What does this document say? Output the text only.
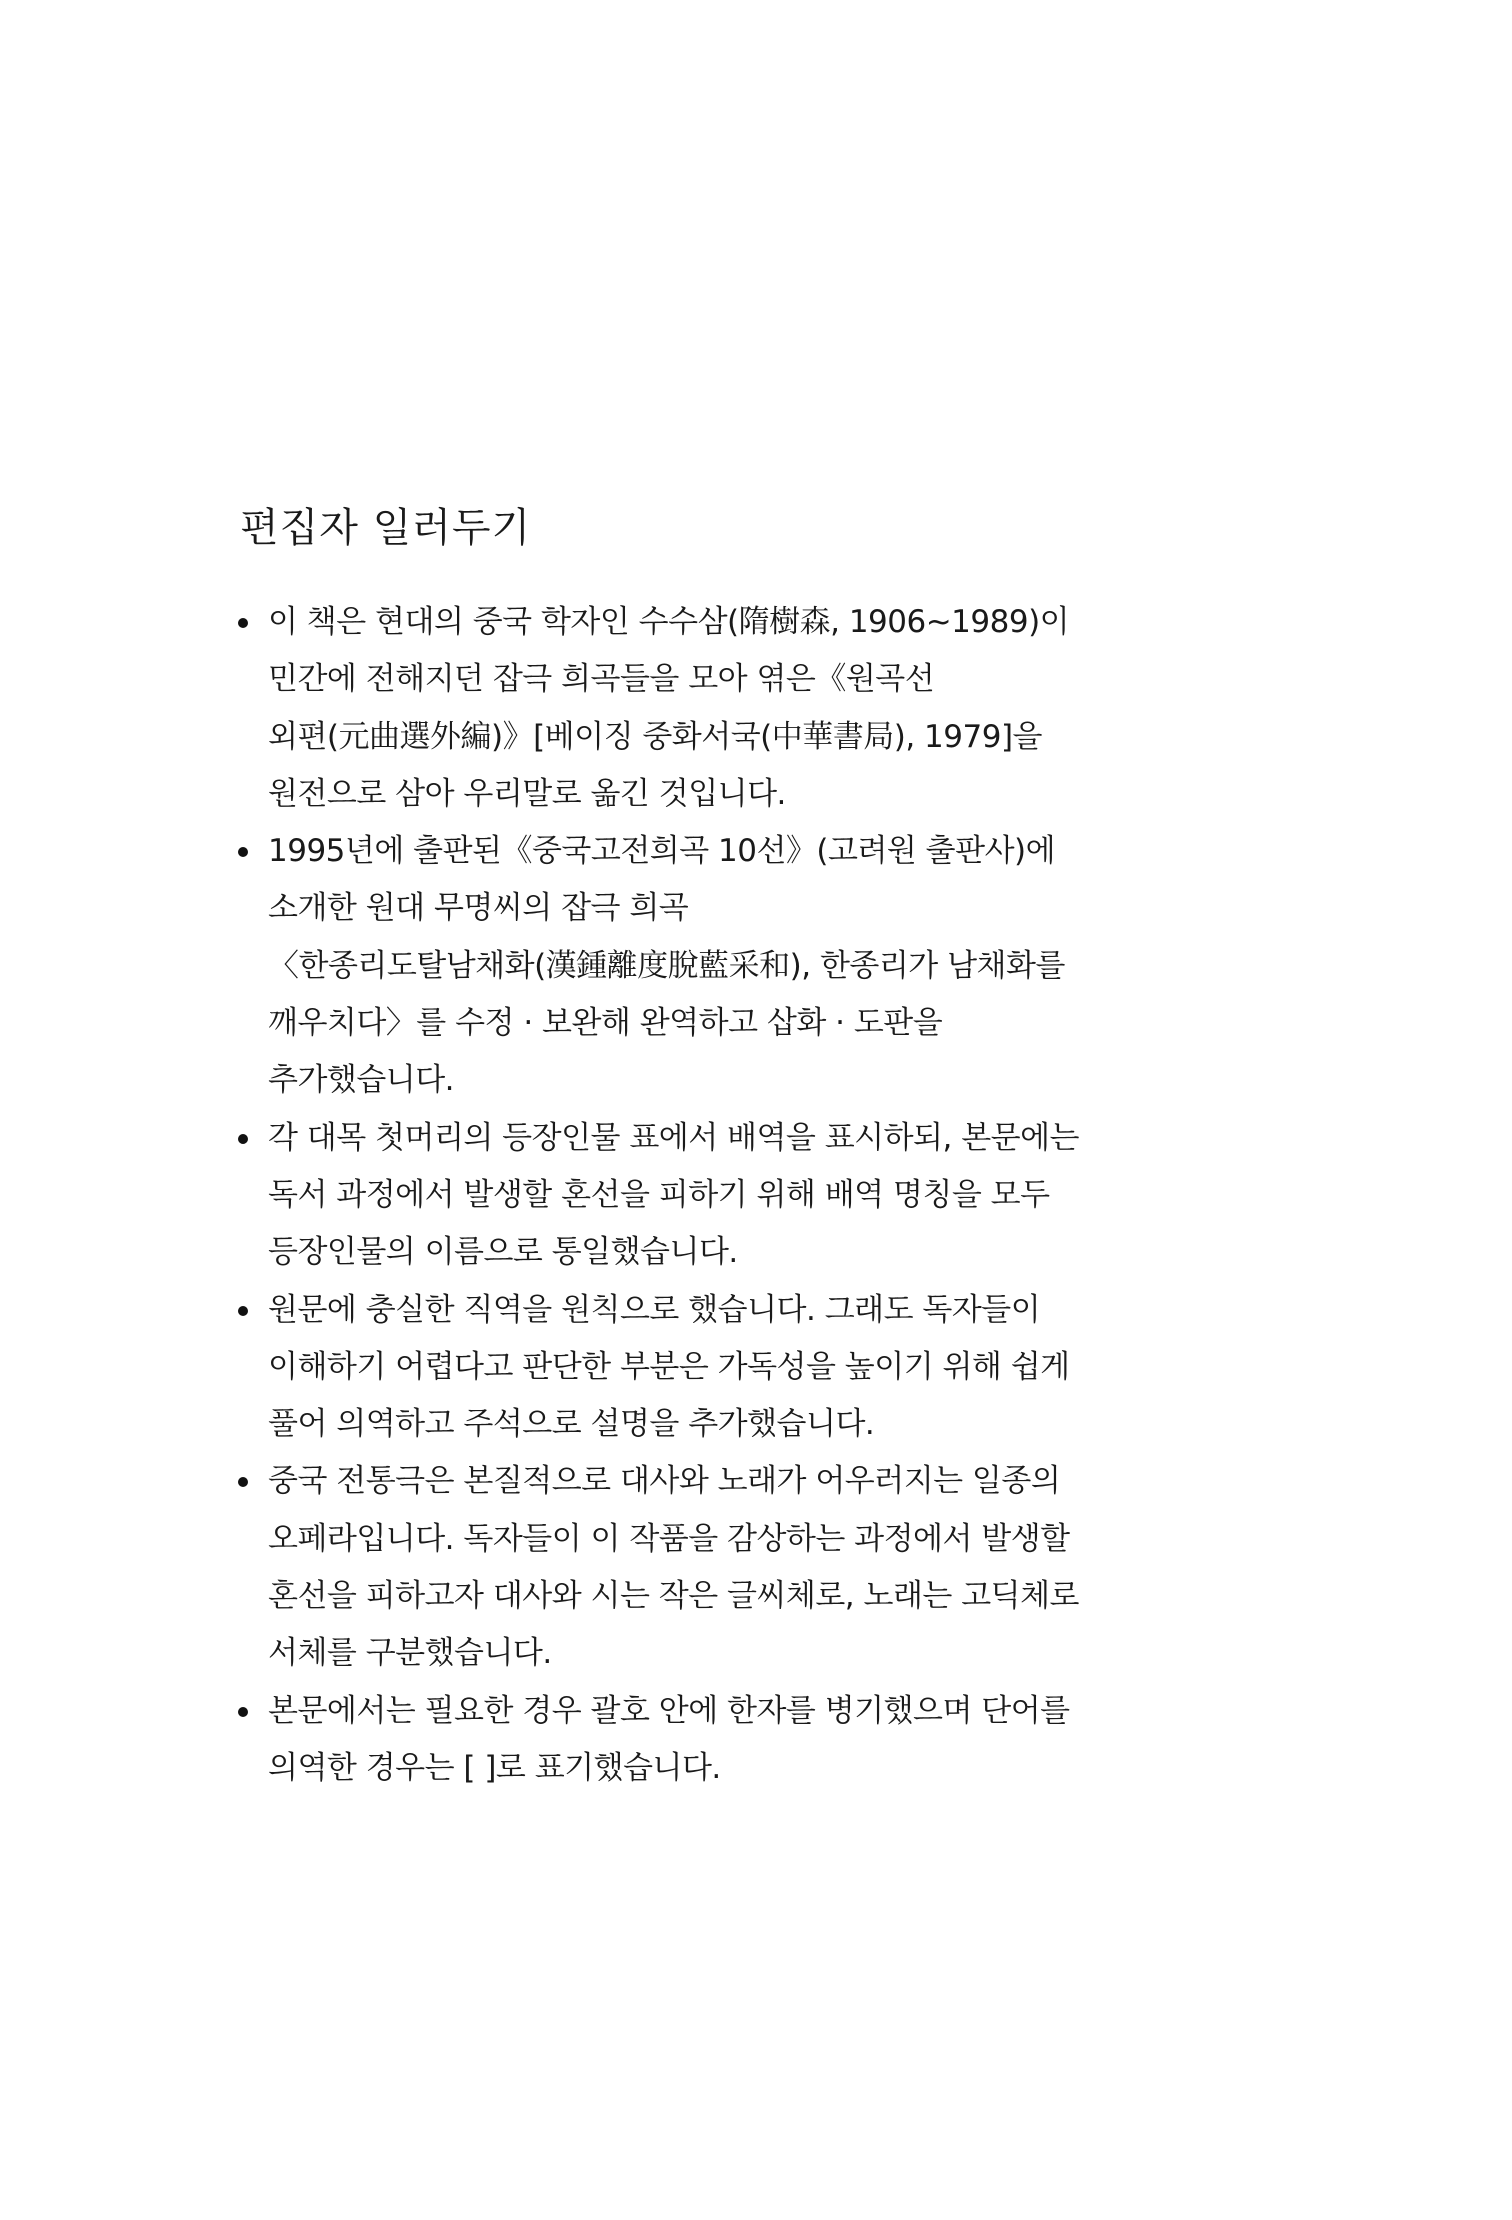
편집자 일러두기
이 책은 현대의 중국 학자인 수수삼(隋樹森, 1906~1989)이
민간에 전해지던 잡극 희곡들을 모아 엮은《원곡선
외편(元曲選外編)》[베이징 중화서국(中華書局), 1979]을
원전으로 삼아 우리말로 옮긴 것입니다.
1995년에 출판된《중국고전희곡 10선》(고려원 출판사)에
소개한 원대 무명씨의 잡극 희곡
〈한종리도탈남채화(漢鍾離度脫藍采和), 한종리가 남채화를
깨우치다〉를 수정 · 보완해 완역하고 삽화 · 도판을
추가했습니다.
각 대목 첫머리의 등장인물 표에서 배역을 표시하되, 본문에는
독서 과정에서 발생할 혼선을 피하기 위해 배역 명칭을 모두
등장인물의 이름으로 통일했습니다.
원문에 충실한 직역을 원칙으로 했습니다. 그래도 독자들이
이해하기 어렵다고 판단한 부분은 가독성을 높이기 위해 쉽게
풀어 의역하고 주석으로 설명을 추가했습니다.
중국 전통극은 본질적으로 대사와 노래가 어우러지는 일종의
오페라입니다. 독자들이 이 작품을 감상하는 과정에서 발생할
혼선을 피하고자 대사와 시는 작은 글씨체로, 노래는 고딕체로
서체를 구분했습니다.
본문에서는 필요한 경우 괄호 안에 한자를 병기했으며 단어를
의역한 경우는 [ ]로 표기했습니다.
